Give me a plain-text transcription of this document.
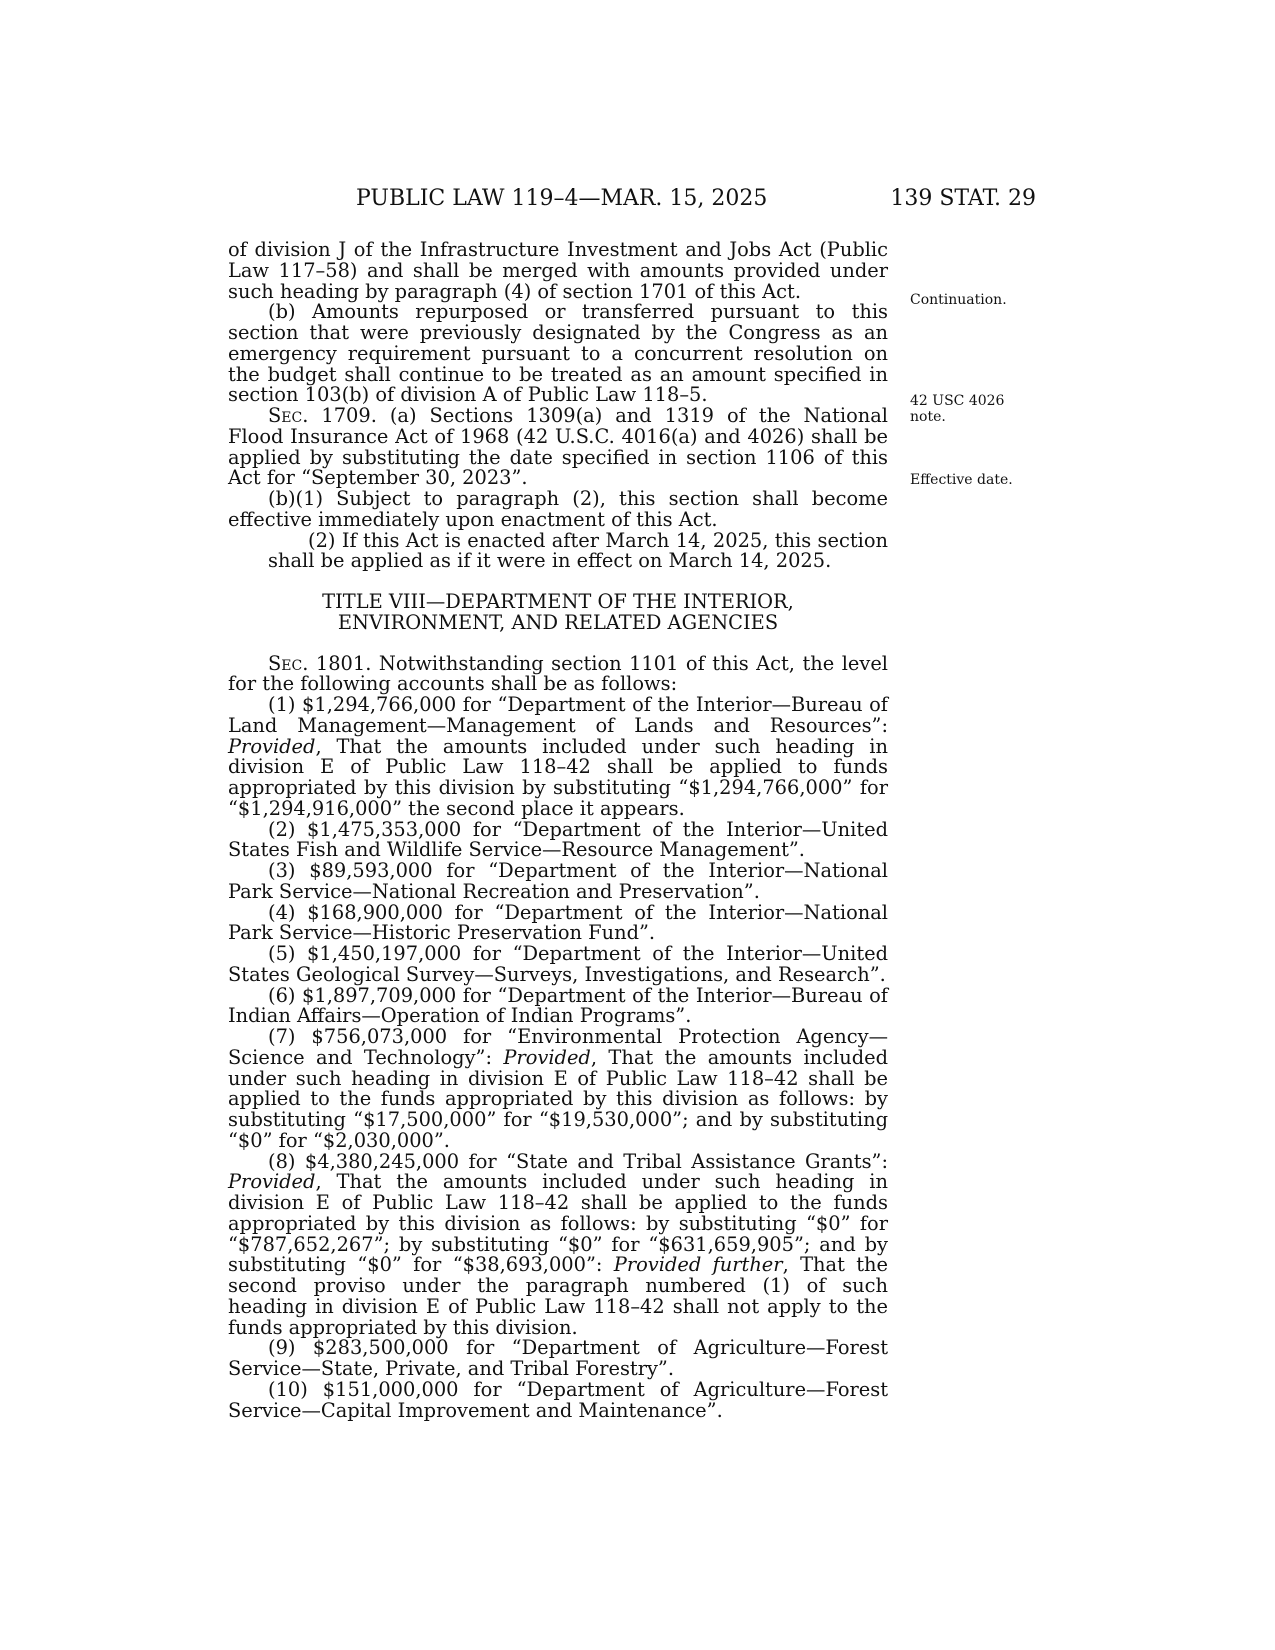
PUBLIC LAW 119–4—MAR. 15, 2025	139 STAT. 29
Continuation.
42 USC 4026
note.
Effective date.

of division J of the Infrastructure Investment and Jobs Act (Public Law 117–58) and shall be merged with amounts provided under such heading by paragraph (4) of section 1701 of this Act.

(b) Amounts repurposed or transferred pursuant to this section that were previously designated by the Congress as an emergency requirement pursuant to a concurrent resolution on the budget shall continue to be treated as an amount specified in section 103(b) of division A of Public Law 118–5.

Sec. 1709. (a) Sections 1309(a) and 1319 of the National Flood Insurance Act of 1968 (42 U.S.C. 4016(a) and 4026) shall be applied by substituting the date specified in section 1106 of this Act for “September 30, 2023”.

(b)(1) Subject to paragraph (2), this section shall become effective immediately upon enactment of this Act.

(2) If this Act is enacted after March 14, 2025, this section shall be applied as if it were in effect on March 14, 2025.

TITLE VIII—DEPARTMENT OF THE INTERIOR,

ENVIRONMENT, AND RELATED AGENCIES

Sec. 1801. Notwithstanding section 1101 of this Act, the level for the following accounts shall be as follows:

(1) $1,294,766,000 for “Department of the Interior—Bureau of Land Management—Management of Lands and Resources”: Provided, That the amounts included under such heading in division E of Public Law 118–42 shall be applied to funds appropriated by this division by substituting “$1,294,766,000” for “$1,294,916,000” the second place it appears.

(2) $1,475,353,000 for “Department of the Interior—United States Fish and Wildlife Service—Resource Management”.

(3) $89,593,000 for “Department of the Interior—National Park Service—National Recreation and Preservation”.

(4) $168,900,000 for “Department of the Interior—National Park Service—Historic Preservation Fund”.

(5) $1,450,197,000 for “Department of the Interior—United States Geological Survey—Surveys, Investigations, and Research”.

(6) $1,897,709,000 for “Department of the Interior—Bureau of Indian Affairs—Operation of Indian Programs”.

(7) $756,073,000 for “Environmental Protection Agency—Science and Technology”: Provided, That the amounts included under such heading in division E of Public Law 118–42 shall be applied to the funds appropriated by this division as follows: by substituting “$17,500,000” for “$19,530,000”; and by substituting “$0” for “$2,030,000”.

(8) $4,380,245,000 for “State and Tribal Assistance Grants”: Provided, That the amounts included under such heading in division E of Public Law 118–42 shall be applied to the funds appropriated by this division as follows: by substituting “$0” for “$787,652,267”; by substituting “$0” for “$631,659,905”; and by substituting “$0” for “$38,693,000”: Provided further, That the second proviso under the paragraph numbered (1) of such heading in division E of Public Law 118–42 shall not apply to the funds appropriated by this division.

(9) $283,500,000 for “Department of Agriculture—Forest Service—State, Private, and Tribal Forestry”.

(10) $151,000,000 for “Department of Agriculture—Forest Service—Capital Improvement and Maintenance”.
